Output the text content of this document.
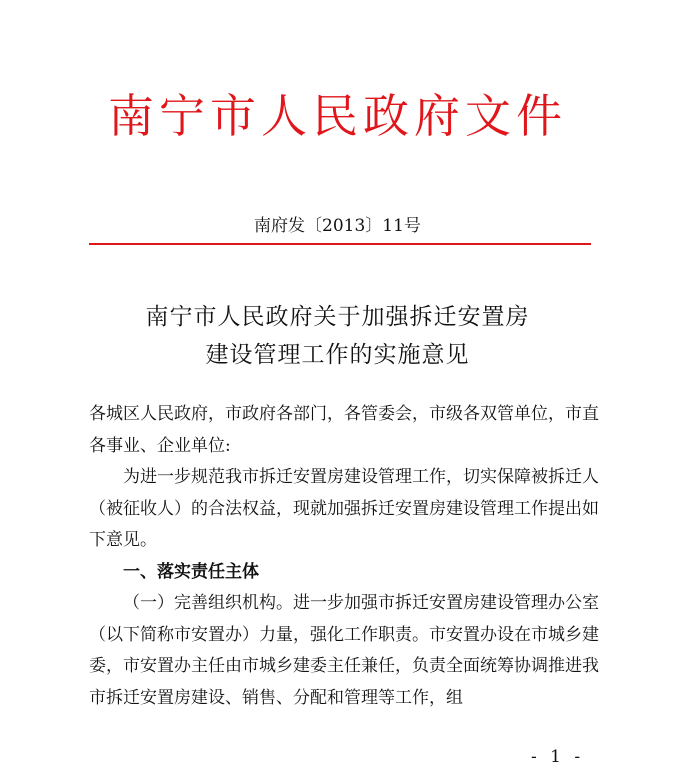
南宁市人民政府文件
南府发〔2013〕11号
南宁市人民政府关于加强拆迁安置房
建设管理工作的实施意见

各城区人民政府，市政府各部门，各管委会，市级各双管单位，市直各事业、企业单位:

为进一步规范我市拆迁安置房建设管理工作，切实保障被拆迁人（被征收人）的合法权益，现就加强拆迁安置房建设管理工作提出如下意见。

一、落实责任主体

（一）完善组织机构。进一步加强市拆迁安置房建设管理办公室（以下简称市安置办）力量，强化工作职责。市安置办设在市城乡建委，市安置办主任由市城乡建委主任兼任，负责全面统筹协调推进我市拆迁安置房建设、销售、分配和管理等工作，组

- 1 -
